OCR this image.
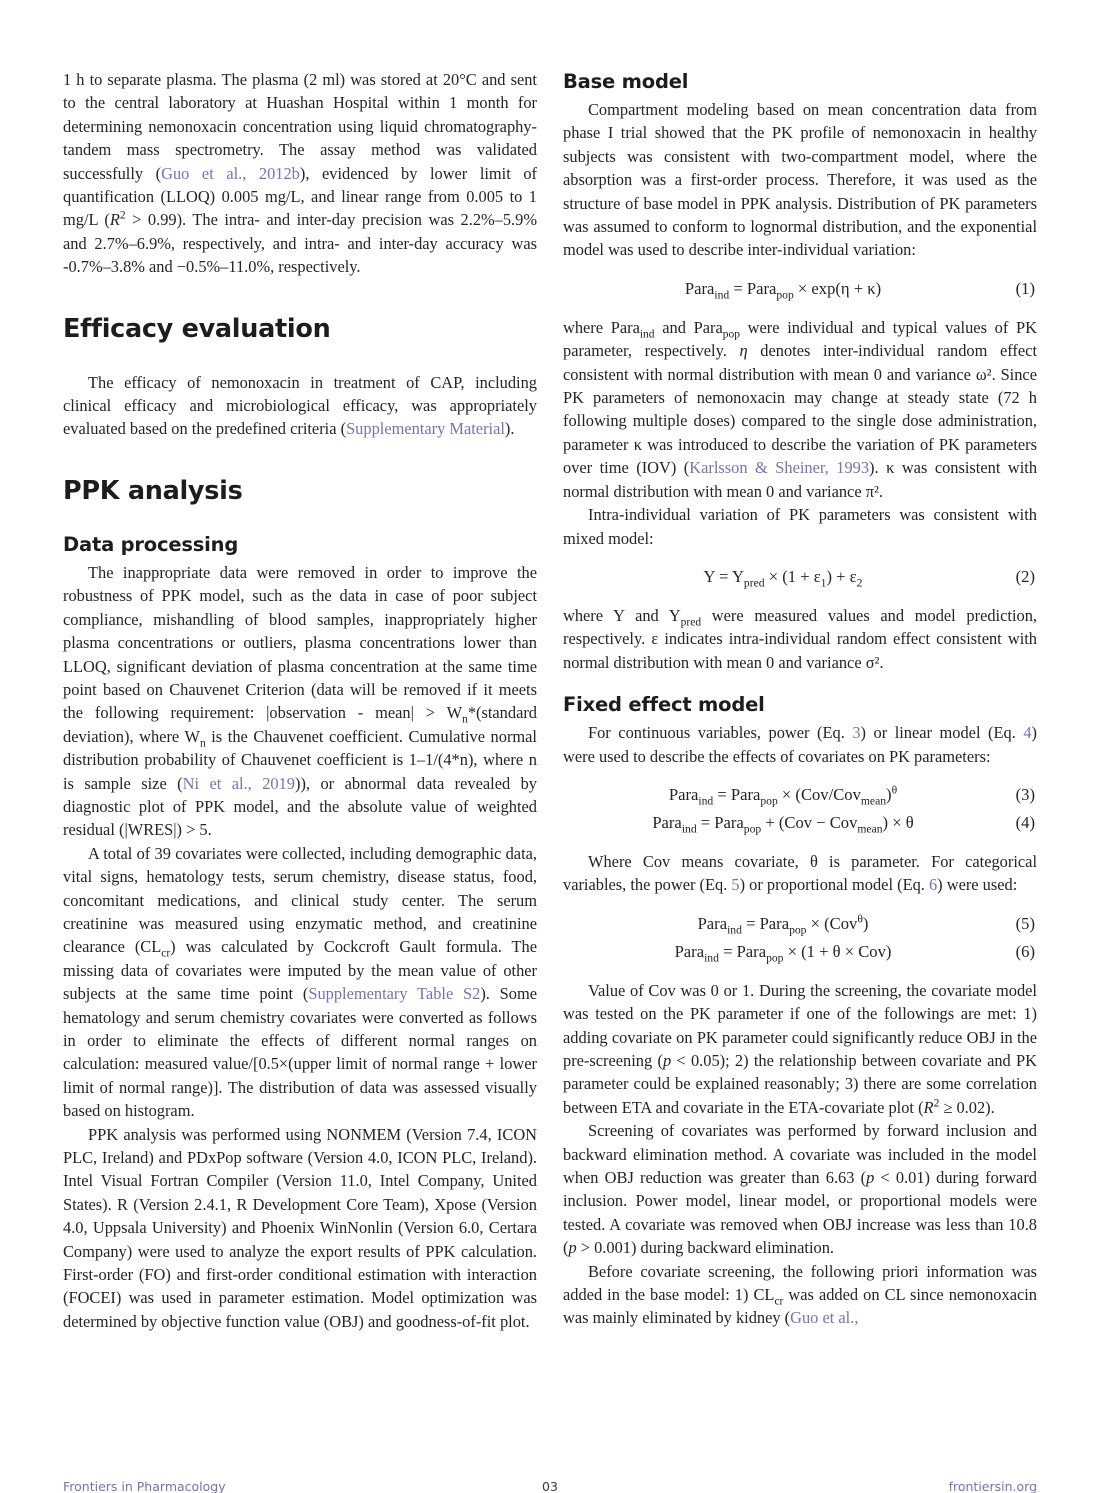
1 h to separate plasma. The plasma (2 ml) was stored at 20°C and sent to the central laboratory at Huashan Hospital within 1 month for determining nemonoxacin concentration using liquid chromatography-tandem mass spectrometry. The assay method was validated successfully (Guo et al., 2012b), evidenced by lower limit of quantification (LLOQ) 0.005 mg/L, and linear range from 0.005 to 1 mg/L $(R^2 > 0.99)$. The intra- and inter-day precision was 2.2%–5.9% and 2.7%–6.9%, respectively, and intra- and inter-day accuracy was -0.7%–3.8% and −0.5%–11.0%, respectively.

Efficacy evaluation

The efficacy of nemonoxacin in treatment of CAP, including clinical efficacy and microbiological efficacy, was appropriately evaluated based on the predefined criteria (Supplementary Material).

PPK analysis
Data processing

The inappropriate data were removed in order to improve the robustness of PPK model, such as the data in case of poor subject compliance, mishandling of blood samples, inappropriately higher plasma concentrations or outliers, plasma concentrations lower than LLOQ, significant deviation of plasma concentration at the same time point based on Chauvenet Criterion (data will be removed if it meets the following requirement: |observation - mean| > $W_n*(standard$ deviation), where $W_n$ is the Chauvenet coefficient. Cumulative normal distribution probability of Chauvenet coefficient is 1–1/(4*n), where n is sample size (Ni et al., 2019)), or abnormal data revealed by diagnostic plot of PPK model, and the absolute value of weighted residual (|WRES|) > 5.

A total of 39 covariates were collected, including demographic data, vital signs, hematology tests, serum chemistry, disease status, food, concomitant medications, and clinical study center. The serum creatinine was measured using enzymatic method, and creatinine clearance $(CL_{cr})$ was calculated by Cockcroft Gault formula. The missing data of covariates were imputed by the mean value of other subjects at the same time point (Supplementary Table S2). Some hematology and serum chemistry covariates were converted as follows in order to eliminate the effects of different normal ranges on calculation: measured value/[0.5×(upper limit of normal range + lower limit of normal range)]. The distribution of data was assessed visually based on histogram.

PPK analysis was performed using NONMEM (Version 7.4, ICON PLC, Ireland) and PDxPop software (Version 4.0, ICON PLC, Ireland). Intel Visual Fortran Compiler (Version 11.0, Intel Company, United States). R (Version 2.4.1, R Development Core Team), Xpose (Version 4.0, Uppsala University) and Phoenix WinNonlin (Version 6.0, Certara Company) were used to analyze the export results of PPK calculation. First-order (FO) and first-order conditional estimation with interaction (FOCEI) was used in parameter estimation. Model optimization was determined by objective function value (OBJ) and goodness-of-fit plot.

Base model

Compartment modeling based on mean concentration data from phase I trial showed that the PK profile of nemonoxacin in healthy subjects was consistent with two-compartment model, where the absorption was a first-order process. Therefore, it was used as the structure of base model in PPK analysis. Distribution of PK parameters was assumed to conform to lognormal distribution, and the exponential model was used to describe inter-individual variation:

Para$_{ind}$ = Para$_{pop}$ × exp(η + κ)	(1)

where Para$_{ind}$ and Para$_{pop}$ were individual and typical values of PK parameter, respectively. η denotes inter-individual random effect consistent with normal distribution with mean 0 and variance ω². Since PK parameters of nemonoxacin may change at steady state (72 h following multiple doses) compared to the single dose administration, parameter κ was introduced to describe the variation of PK parameters over time (IOV) (Karlsson & Sheiner, 1993). κ was consistent with normal distribution with mean 0 and variance π².

Intra-individual variation of PK parameters was consistent with mixed model:

$Y = Y_{pred} \times (1 + \varepsilon_1) + \varepsilon_2$	(2)

where Y and $Y_{pred}$ were measured values and model prediction, respectively. ε indicates intra-individual random effect consistent with normal distribution with mean 0 and variance σ².

Fixed effect model

For continuous variables, power (Eq. 3) or linear model (Eq. 4) were used to describe the effects of covariates on PK parameters:

Para$_{ind}$ = Para$_{pop}$ × $(Cov/Cov_{mean})^\theta$	(3)
Para$_{ind}$ = Para$_{pop}$ + (Cov − Cov$_{mean}$) × θ	(4)

Where Cov means covariate, θ is parameter. For categorical variables, the power (Eq. 5) or proportional model (Eq. 6) were used:

Para$_{ind}$ = Para$_{pop}$ × (Cov$^\theta$)	(5)
Para$_{ind}$ = Para$_{pop}$ × (1 + θ × Cov)	(6)

Value of Cov was 0 or 1. During the screening, the covariate model was tested on the PK parameter if one of the followings are met: 1) adding covariate on PK parameter could significantly reduce OBJ in the pre-screening (p < 0.05); 2) the relationship between covariate and PK parameter could be explained reasonably; 3) there are some correlation between ETA and covariate in the ETA-covariate plot $(R^2 \ge 0.02)$.

Screening of covariates was performed by forward inclusion and backward elimination method. A covariate was included in the model when OBJ reduction was greater than 6.63 (p < 0.01) during forward inclusion. Power model, linear model, or proportional models were tested. A covariate was removed when OBJ increase was less than 10.8 (p > 0.001) during backward elimination.

Before covariate screening, the following priori information was added in the base model: 1) $CL_{cr}$ was added on CL since nemonoxacin was mainly eliminated by kidney (Guo et al.,

Frontiers in Pharmacology	03	frontiersin.org
